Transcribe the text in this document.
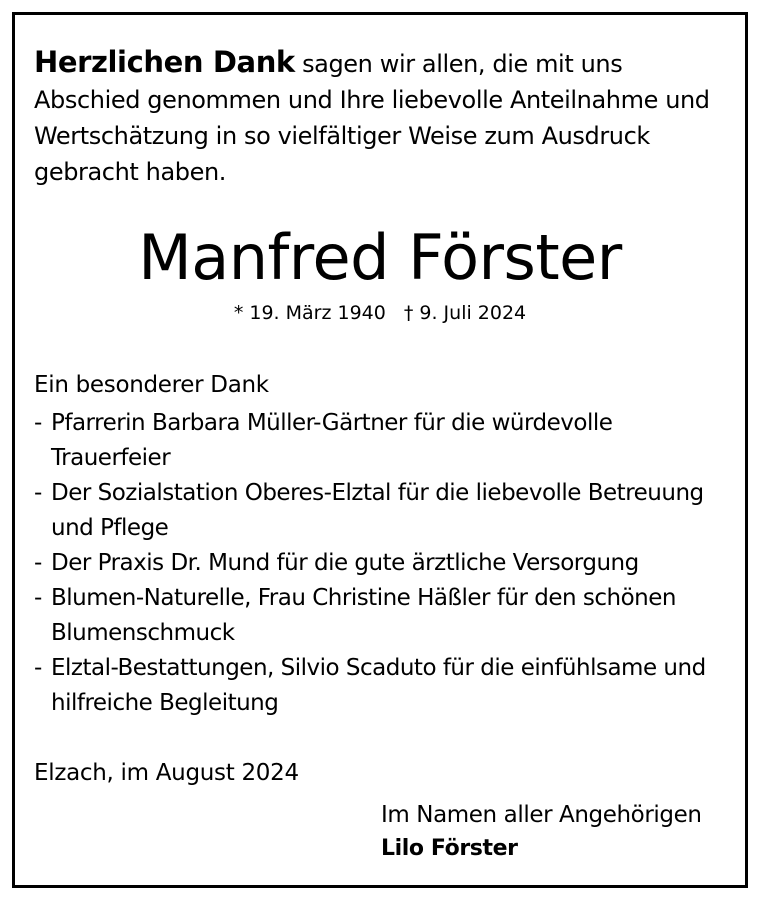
Herzlichen Dank sagen wir allen, die mit uns Abschied genommen und Ihre liebevolle Anteilnahme und Wertschätzung in so vielfältiger Weise zum Ausdruck gebracht haben.

Manfred Förster
* 19. März 1940 † 9. Juli 2024
Ein besonderer Dank
- Pfarrerin Barbara Müller-Gärtner für die würdevolle Trauerfeier
- Der Sozialstation Oberes-Elztal für die liebevolle Betreuung und Pflege
- Der Praxis Dr. Mund für die gute ärztliche Versorgung
- Blumen-Naturelle, Frau Christine Häßler für den schönen Blumenschmuck
- Elztal-Bestattungen, Silvio Scaduto für die einfühlsame und hilfreiche Begleitung
Elzach, im August 2024
Im Namen aller Angehörigen
Lilo Förster
